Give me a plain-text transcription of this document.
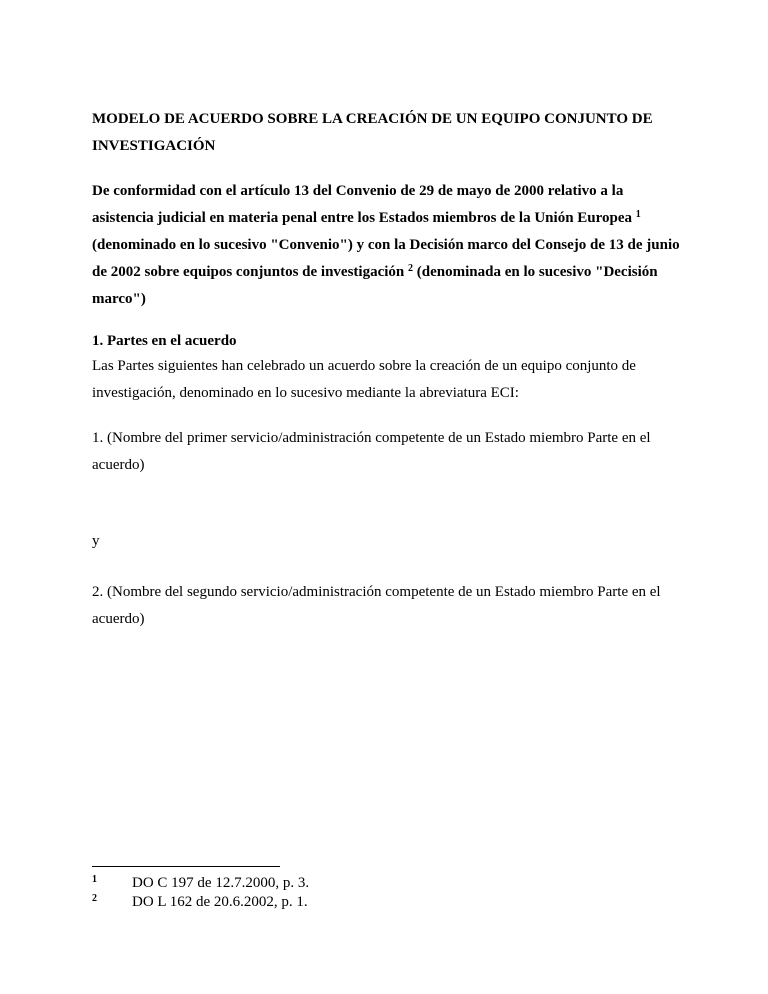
MODELO DE ACUERDO SOBRE LA CREACIÓN DE UN EQUIPO CONJUNTO DE INVESTIGACIÓN
De conformidad con el artículo 13 del Convenio de 29 de mayo de 2000 relativo a la asistencia judicial en materia penal entre los Estados miembros de la Unión Europea $^1$ (denominado en lo sucesivo "Convenio") y con la Decisión marco del Consejo de 13 de junio de 2002 sobre equipos conjuntos de investigación $^2$ (denominada en lo sucesivo "Decisión marco")
1. Partes en el acuerdo
Las Partes siguientes han celebrado un acuerdo sobre la creación de un equipo conjunto de investigación, denominado en lo sucesivo mediante la abreviatura ECI:
1. (Nombre del primer servicio/administración competente de un Estado miembro Parte en el acuerdo)
y
2. (Nombre del segundo servicio/administración competente de un Estado miembro Parte en el acuerdo)
1 DO C 197 de 12.7.2000, p. 3.
2 DO L 162 de 20.6.2002, p. 1.
